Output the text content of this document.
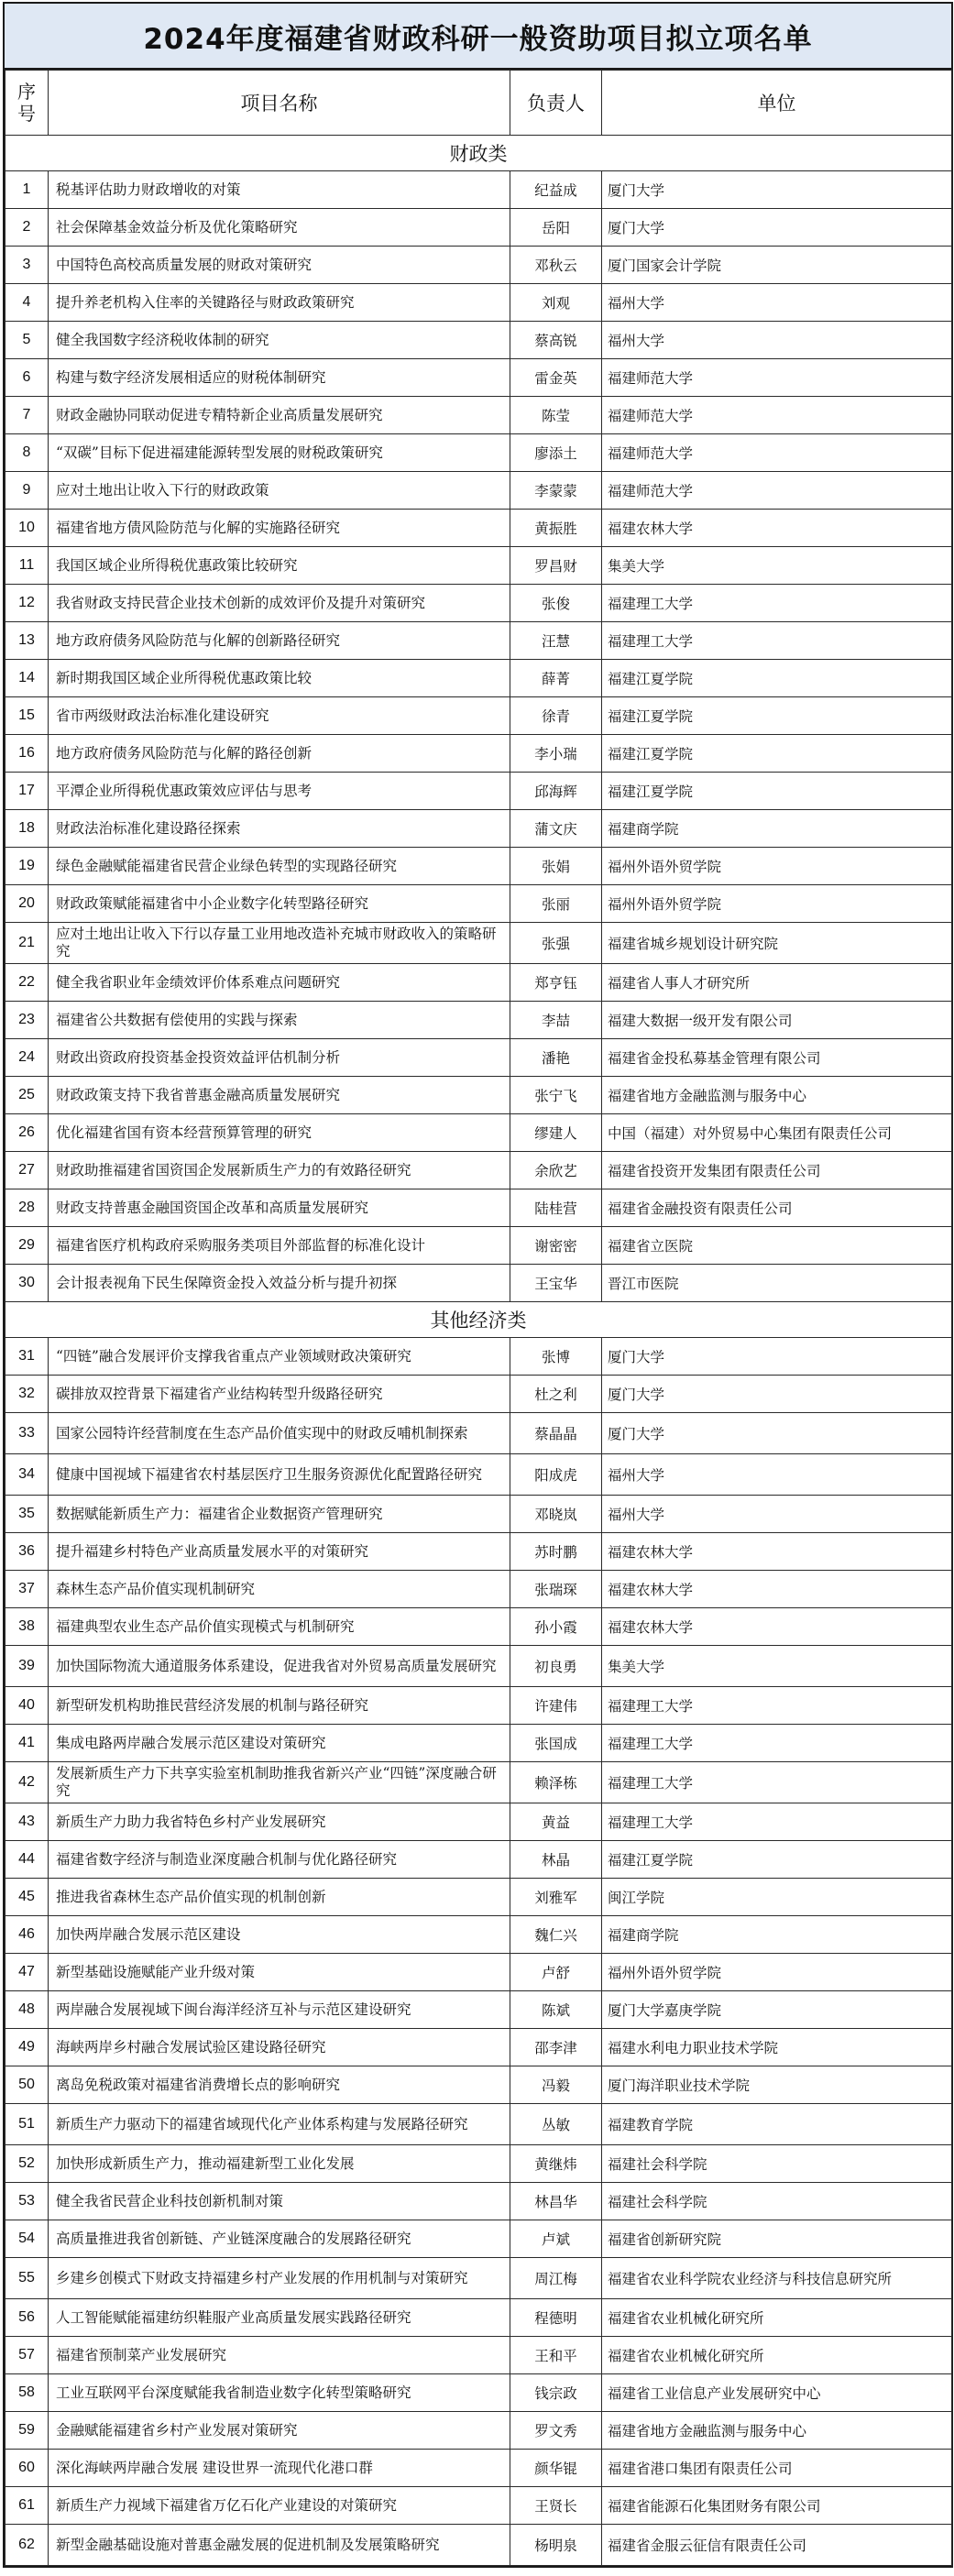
2024年度福建省财政科研一般资助项目拟立项名单
序号	项目名称	负责人	单位
财政类			
1	税基评估助力财政增收的对策	纪益成	厦门大学
2	社会保障基金效益分析及优化策略研究	岳阳	厦门大学
3	中国特色高校高质量发展的财政对策研究	邓秋云	厦门国家会计学院
4	提升养老机构入住率的关键路径与财政政策研究	刘观	福州大学
5	健全我国数字经济税收体制的研究	蔡高锐	福州大学
6	构建与数字经济发展相适应的财税体制研究	雷金英	福建师范大学
7	财政金融协同联动促进专精特新企业高质量发展研究	陈莹	福建师范大学
8	“双碳”目标下促进福建能源转型发展的财税政策研究	廖添土	福建师范大学
9	应对土地出让收入下行的财政政策	李蒙蒙	福建师范大学
10	福建省地方债风险防范与化解的实施路径研究	黄振胜	福建农林大学
11	我国区域企业所得税优惠政策比较研究	罗昌财	集美大学
12	我省财政支持民营企业技术创新的成效评价及提升对策研究	张俊	福建理工大学
13	地方政府债务风险防范与化解的创新路径研究	汪慧	福建理工大学
14	新时期我国区域企业所得税优惠政策比较	薛菁	福建江夏学院
15	省市两级财政法治标准化建设研究	徐青	福建江夏学院
16	地方政府债务风险防范与化解的路径创新	李小瑞	福建江夏学院
17	平潭企业所得税优惠政策效应评估与思考	邱海辉	福建江夏学院
18	财政法治标准化建设路径探索	蒲文庆	福建商学院
19	绿色金融赋能福建省民营企业绿色转型的实现路径研究	张娟	福州外语外贸学院
20	财政政策赋能福建省中小企业数字化转型路径研究	张丽	福州外语外贸学院
21	应对土地出让收入下行以存量工业用地改造补充城市财政收入的策略研究	张强	福建省城乡规划设计研究院
22	健全我省职业年金绩效评价体系难点问题研究	郑亨钰	福建省人事人才研究所
23	福建省公共数据有偿使用的实践与探索	李喆	福建大数据一级开发有限公司
24	财政出资政府投资基金投资效益评估机制分析	潘艳	福建省金投私募基金管理有限公司
25	财政政策支持下我省普惠金融高质量发展研究	张宁飞	福建省地方金融监测与服务中心
26	优化福建省国有资本经营预算管理的研究	缪建人	中国（福建）对外贸易中心集团有限责任公司
27	财政助推福建省国资国企发展新质生产力的有效路径研究	余欣艺	福建省投资开发集团有限责任公司
28	财政支持普惠金融国资国企改革和高质量发展研究	陆桂营	福建省金融投资有限责任公司
29	福建省医疗机构政府采购服务类项目外部监督的标准化设计	谢密密	福建省立医院
30	会计报表视角下民生保障资金投入效益分析与提升初探	王宝华	晋江市医院
其他经济类			
31	“四链”融合发展评价支撑我省重点产业领域财政决策研究	张博	厦门大学
32	碳排放双控背景下福建省产业结构转型升级路径研究	杜之利	厦门大学
33	国家公园特许经营制度在生态产品价值实现中的财政反哺机制探索	蔡晶晶	厦门大学
34	健康中国视域下福建省农村基层医疗卫生服务资源优化配置路径研究	阳成虎	福州大学
35	数据赋能新质生产力：福建省企业数据资产管理研究	邓晓岚	福州大学
36	提升福建乡村特色产业高质量发展水平的对策研究	苏时鹏	福建农林大学
37	森林生态产品价值实现机制研究	张瑞琛	福建农林大学
38	福建典型农业生态产品价值实现模式与机制研究	孙小霞	福建农林大学
39	加快国际物流大通道服务体系建设，促进我省对外贸易高质量发展研究	初良勇	集美大学
40	新型研发机构助推民营经济发展的机制与路径研究	许建伟	福建理工大学
41	集成电路两岸融合发展示范区建设对策研究	张国成	福建理工大学
42	发展新质生产力下共享实验室机制助推我省新兴产业“四链”深度融合研究	赖泽栋	福建理工大学
43	新质生产力助力我省特色乡村产业发展研究	黄益	福建理工大学
44	福建省数字经济与制造业深度融合机制与优化路径研究	林晶	福建江夏学院
45	推进我省森林生态产品价值实现的机制创新	刘雅军	闽江学院
46	加快两岸融合发展示范区建设	魏仁兴	福建商学院
47	新型基础设施赋能产业升级对策	卢舒	福州外语外贸学院
48	两岸融合发展视域下闽台海洋经济互补与示范区建设研究	陈斌	厦门大学嘉庚学院
49	海峡两岸乡村融合发展试验区建设路径研究	邵李津	福建水利电力职业技术学院
50	离岛免税政策对福建省消费增长点的影响研究	冯毅	厦门海洋职业技术学院
51	新质生产力驱动下的福建省域现代化产业体系构建与发展路径研究	丛敏	福建教育学院
52	加快形成新质生产力，推动福建新型工业化发展	黄继炜	福建社会科学院
53	健全我省民营企业科技创新机制对策	林昌华	福建社会科学院
54	高质量推进我省创新链、产业链深度融合的发展路径研究	卢斌	福建省创新研究院
55	乡建乡创模式下财政支持福建乡村产业发展的作用机制与对策研究	周江梅	福建省农业科学院农业经济与科技信息研究所
56	人工智能赋能福建纺织鞋服产业高质量发展实践路径研究	程德明	福建省农业机械化研究所
57	福建省预制菜产业发展研究	王和平	福建省农业机械化研究所
58	工业互联网平台深度赋能我省制造业数字化转型策略研究	钱宗政	福建省工业信息产业发展研究中心
59	金融赋能福建省乡村产业发展对策研究	罗文秀	福建省地方金融监测与服务中心
60	深化海峡两岸融合发展 建设世界一流现代化港口群	颜华锟	福建省港口集团有限责任公司
61	新质生产力视域下福建省万亿石化产业建设的对策研究	王贤长	福建省能源石化集团财务有限公司
62	新型金融基础设施对普惠金融发展的促进机制及发展策略研究	杨明泉	福建省金服云征信有限责任公司
